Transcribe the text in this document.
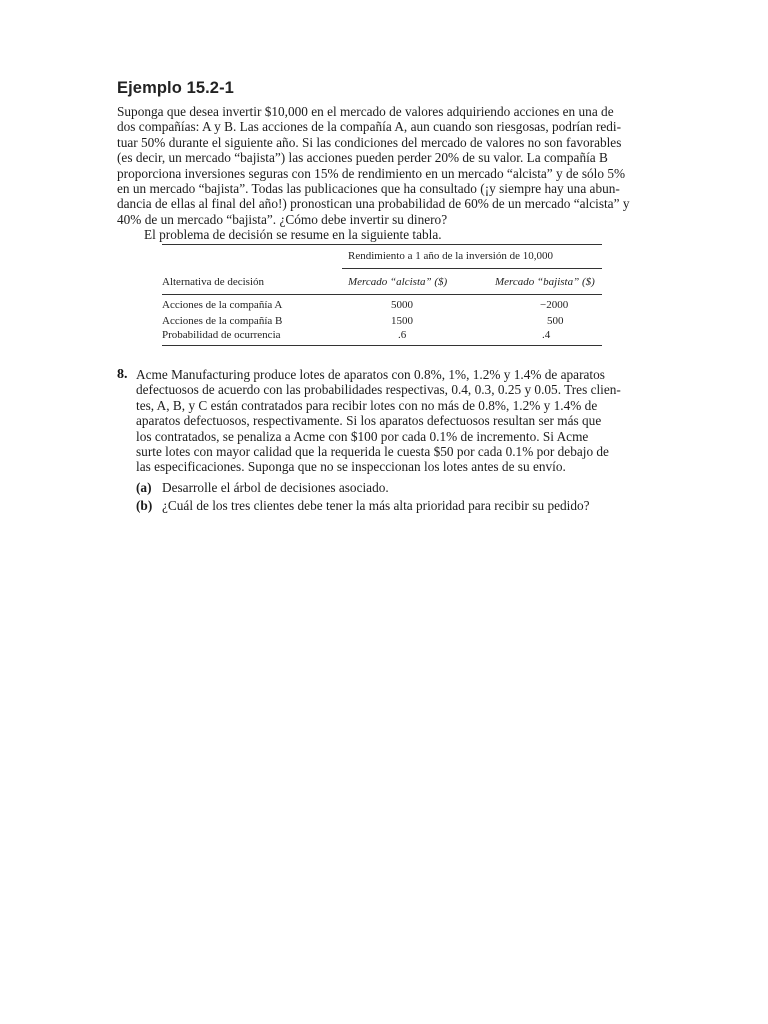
Ejemplo 15.2-1
Suponga que desea invertir $10,000 en el mercado de valores adquiriendo acciones en una de
dos compañías: A y B. Las acciones de la compañía A, aun cuando son riesgosas, podrían redi-
tuar 50% durante el siguiente año. Si las condiciones del mercado de valores no son favorables
(es decir, un mercado “bajista”) las acciones pueden perder 20% de su valor. La compañía B
proporciona inversiones seguras con 15% de rendimiento en un mercado “alcista” y de sólo 5%
en un mercado “bajista”. Todas las publicaciones que ha consultado (¡y siempre hay una abun-
dancia de ellas al final del año!) pronostican una probabilidad de 60% de un mercado “alcista” y
40% de un mercado “bajista”. ¿Cómo debe invertir su dinero?
El problema de decisión se resume en la siguiente tabla.
Rendimiento a 1 año de la inversión de 10,000
Alternativa de decisión	Mercado “alcista” ($)	Mercado “bajista” ($)
Acciones de la compañía A	5000	−2000
Acciones de la compañía B	1500	500
Probabilidad de ocurrencia	.6	.4
8. Acme Manufacturing produce lotes de aparatos con 0.8%, 1%, 1.2% y 1.4% de aparatos
defectuosos de acuerdo con las probabilidades respectivas, 0.4, 0.3, 0.25 y 0.05. Tres clien-
tes, A, B, y C están contratados para recibir lotes con no más de 0.8%, 1.2% y 1.4% de
aparatos defectuosos, respectivamente. Si los aparatos defectuosos resultan ser más que
los contratados, se penaliza a Acme con $100 por cada 0.1% de incremento. Si Acme
surte lotes con mayor calidad que la requerida le cuesta $50 por cada 0.1% por debajo de
las especificaciones. Suponga que no se inspeccionan los lotes antes de su envío.
(a) Desarrolle el árbol de decisiones asociado.
(b) ¿Cuál de los tres clientes debe tener la más alta prioridad para recibir su pedido?
